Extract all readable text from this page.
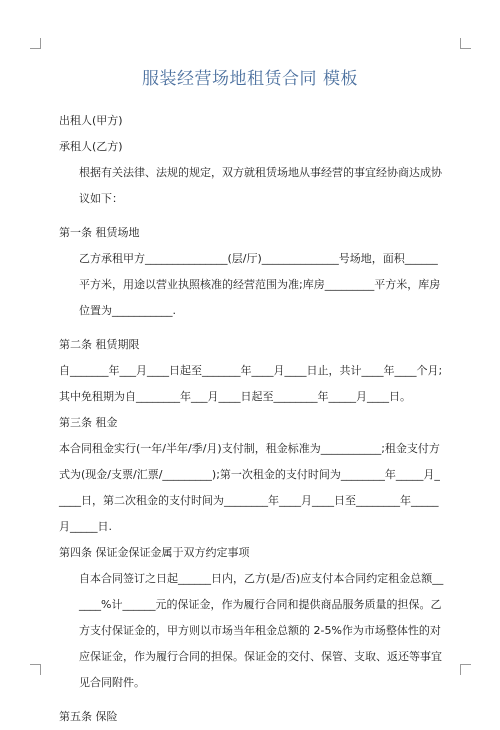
服装经营场地租赁合同 模板

出租人(甲方)

承租人(乙方)

根据有关法律、法规的规定，双方就租赁场地从事经营的事宜经协商达成协议如下：

第一条 租赁场地

乙方承租甲方_______________(层/厅)______________号场地，面积______平方米，用途以营业执照核准的经营范围为准;库房_________平方米，库房位置为___________.

第二条 租赁期限

自_______年___月____日起至_______年____月____日止，共计____年____个月;其中免租期为自________年___月____日起至________年_____月____日。

第三条 租金

本合同租金实行(一年/半年/季/月)支付制，租金标准为___________;租金支付方式为(现金/支票/汇票/_________);第一次租金的支付时间为________年_____月_____日，第二次租金的支付时间为________年____月____日至________年_____月_____日.

第四条 保证金保证金属于双方约定事项

自本合同签订之日起______日内，乙方(是/否)应支付本合同约定租金总额______%计______元的保证金，作为履行合同和提供商品服务质量的担保。乙方支付保证金的，甲方则以市场当年租金总额的 2-5%作为市场整体性的对应保证金，作为履行合同的担保。保证金的交付、保管、支取、返还等事宜见合同附件。

第五条 保险
